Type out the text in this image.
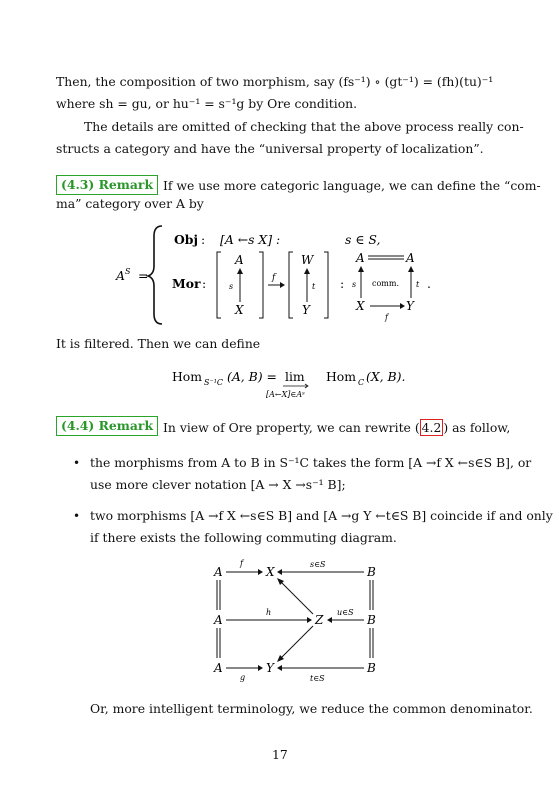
Then, the composition of two morphism, say (fs⁻¹) ∘ (gt⁻¹) = (fh)(tu)⁻¹
where sh = gu, or hu⁻¹ = s⁻¹g by Ore condition.
The details are omitted of checking that the above process really con-
structs a category and have the “universal property of localization”.
(4.3) Remark If we use more categoric language, we can define the “com-
ma” category over A by
A S =
Obj : [A ←s X] :	s ∈ S,
Mor :
A
X
s
f
W
Y
t :
A	A
X	Y
f
s	t
comm. .
It is filtered. Then we can define
Hom S⁻¹C (A, B) = lim
[A←X]∈Aˢ
Hom C (X, B).
(4.4) Remark In view of Ore property, we can rewrite ( 4.2 ) as follow,
• the morphisms from A to B in S⁻¹C takes the form [A →f X ←s∈S B], or
use more clever notation [A → X →s⁻¹ B];
• two morphisms [A →f X ←s∈S B] and [A →g Y ←t∈S B] coincide if and only
if there exists the following commuting diagram.
A	X	B
f	s∈S
A	Z	B
h	u∈S
A	Y	B
g	t∈S
Or, more intelligent terminology, we reduce the common denominator.
17
